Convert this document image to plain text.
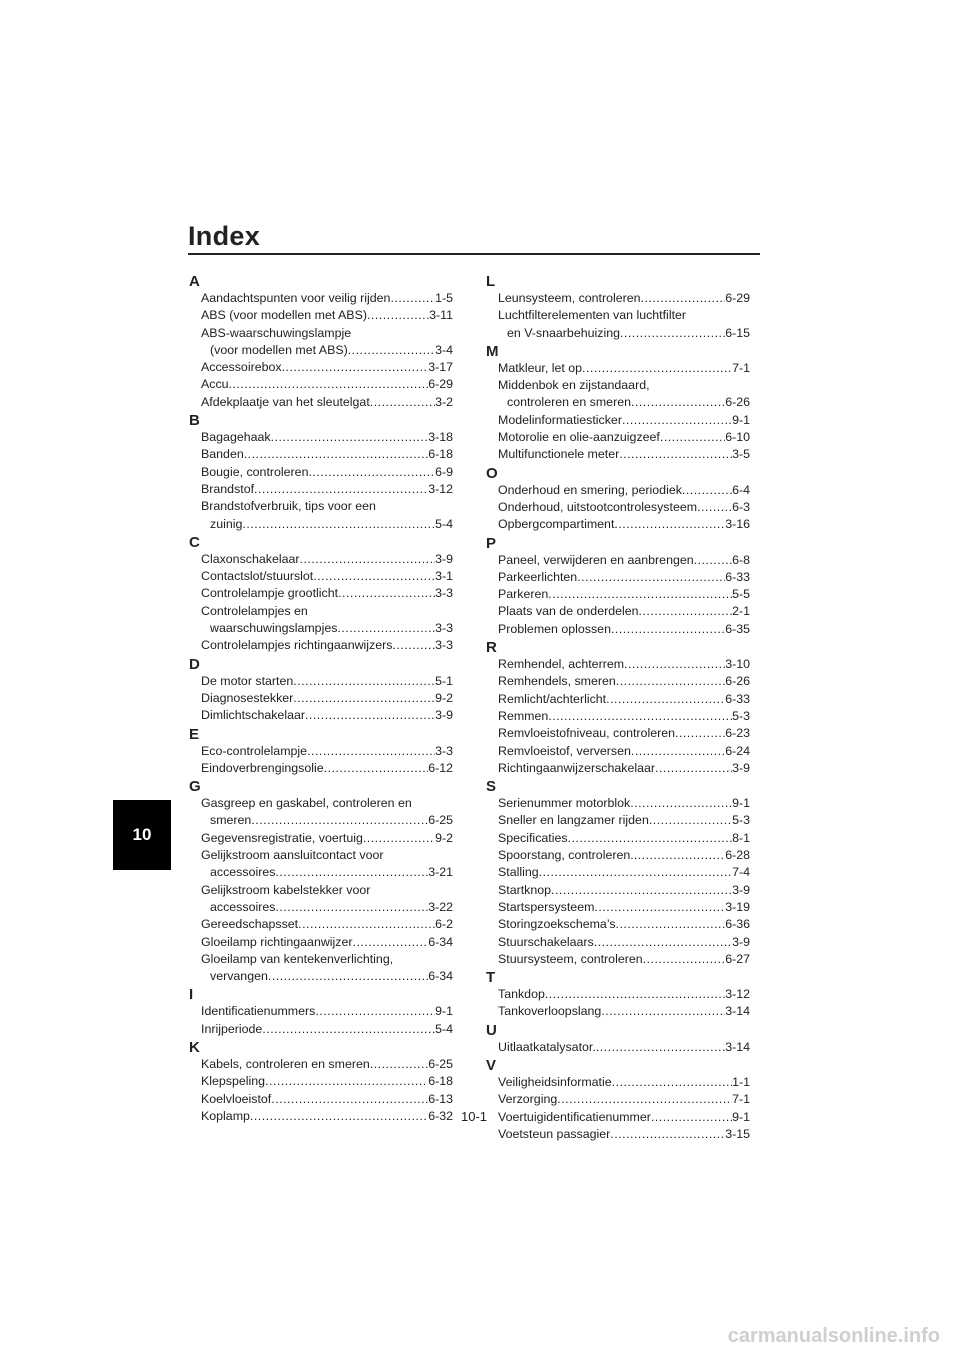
Index
10
A
Aandachtspunten voor veilig rijden .....	1-5
ABS (voor modellen met ABS) .....	3-11
ABS-waarschuwingslampje
(voor modellen met ABS) .....	3-4
Accessoirebox .....	3-17
Accu .....	6-29
Afdekplaatje van het sleutelgat .....	3-2
B
Bagagehaak .....	3-18
Banden .....	6-18
Bougie, controleren .....	6-9
Brandstof .....	3-12
Brandstofverbruik, tips voor een
zuinig .....	5-4
C
Claxonschakelaar .....	3-9
Contactslot/stuurslot .....	3-1
Controlelampje grootlicht .....	3-3
Controlelampjes en
waarschuwingslampjes .....	3-3
Controlelampjes richtingaanwijzers .....	3-3
D
De motor starten .....	5-1
Diagnosestekker .....	9-2
Dimlichtschakelaar .....	3-9
E
Eco-controlelampje .....	3-3
Eindoverbrengingsolie .....	6-12
G
Gasgreep en gaskabel, controleren en
smeren .....	6-25
Gegevensregistratie, voertuig .....	9-2
Gelijkstroom aansluitcontact voor
accessoires .....	3-21
Gelijkstroom kabelstekker voor
accessoires .....	3-22
Gereedschapsset .....	6-2
Gloeilamp richtingaanwijzer .....	6-34
Gloeilamp van kentekenverlichting,
vervangen .....	6-34
I
Identificatienummers .....	9-1
Inrijperiode .....	5-4
K
Kabels, controleren en smeren .....	6-25
Klepspeling .....	6-18
Koelvloeistof .....	6-13
Koplamp .....	6-32
L
Leunsysteem, controleren .....	6-29
Luchtfilterelementen van luchtfilter
en V-snaarbehuizing .....	6-15
M
Matkleur, let op .....	7-1
Middenbok en zijstandaard,
controleren en smeren .....	6-26
Modelinformatiesticker .....	9-1
Motorolie en olie-aanzuigzeef .....	6-10
Multifunctionele meter .....	3-5
O
Onderhoud en smering, periodiek .....	6-4
Onderhoud, uitstootcontrolesysteem .....	6-3
Opbergcompartiment .....	3-16
P
Paneel, verwijderen en aanbrengen .....	6-8
Parkeerlichten .....	6-33
Parkeren .....	5-5
Plaats van de onderdelen .....	2-1
Problemen oplossen .....	6-35
R
Remhendel, achterrem .....	3-10
Remhendels, smeren .....	6-26
Remlicht/achterlicht .....	6-33
Remmen .....	5-3
Remvloeistofniveau, controleren .....	6-23
Remvloeistof, verversen .....	6-24
Richtingaanwijzerschakelaar .....	3-9
S
Serienummer motorblok .....	9-1
Sneller en langzamer rijden .....	5-3
Specificaties .....	8-1
Spoorstang, controleren. .....	6-28
Stalling .....	7-4
Startknop .....	3-9
Startspersysteem .....	3-19
Storingzoekschema’s .....	6-36
Stuurschakelaars .....	3-9
Stuursysteem, controleren .....	6-27
T
Tankdop .....	3-12
Tankoverloopslang .....	3-14
U
Uitlaatkatalysator. .....	3-14
V
Veiligheidsinformatie .....	1-1
Verzorging .....	7-1
Voertuigidentificatienummer .....	9-1
Voetsteun passagier .....	3-15
10-1
carmanualsonline.info
